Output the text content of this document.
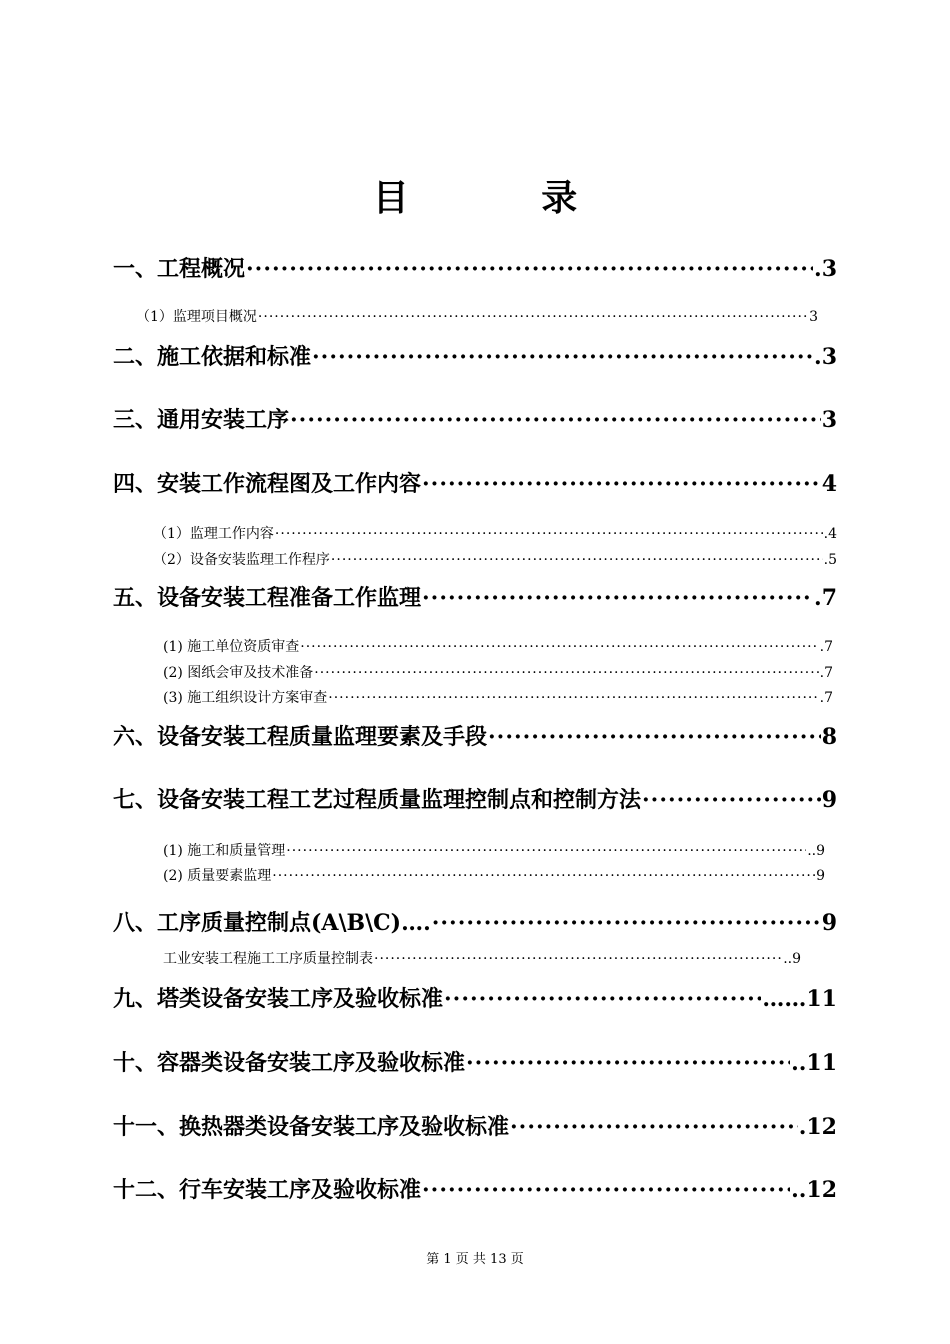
目 录
一、工程概况 ·····	.3
（1）监理项目概况 ·····	3
二、施工依据和标准 ·····	.3
三、通用安装工序 ·····	3
四、安装工作流程图及工作内容 ·····	4
（1）监理工作内容 ·····	.4
（2）设备安装监理工作程序 ·····	.5
五、设备安装工程准备工作监理 ·····	.7
(1) 施工单位资质审查 ·····	.7
(2) 图纸会审及技术准备 ·····	.7
(3) 施工组织设计方案审查 ·····	.7
六、设备安装工程质量监理要素及手段 ·····	8
七、设备安装工程工艺过程质量监理控制点和控制方法 ·····	9
(1) 施工和质量管理 ·····	..9
(2) 质量要素监理 ·····	9
八、工序质量控制点(A\B\C)…. ·····	9
工业安装工程施工工序质量控制表 ·····	..9
九、塔类设备安装工序及验收标准 ·····	……11
十、容器类设备安装工序及验收标准 ·····	..11
十一、换热器类设备安装工序及验收标准 ·····	.12
十二、行车安装工序及验收标准 ·····	..12
第 1 页 共 13 页
